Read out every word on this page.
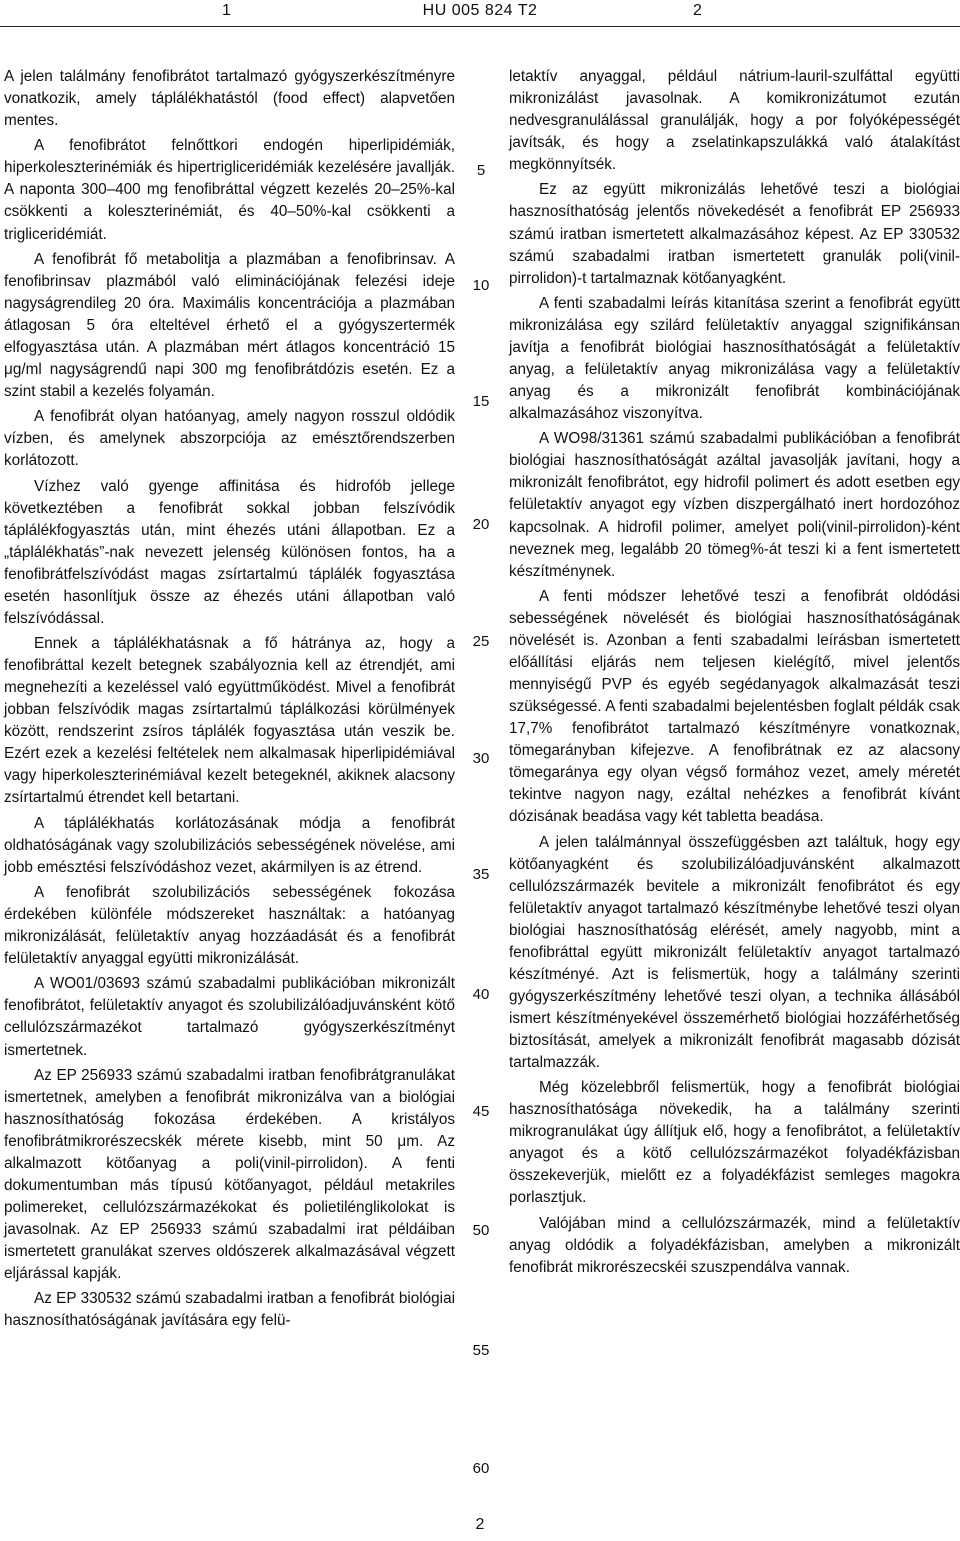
1	HU 005 824 T2	2

A jelen találmány fenofibrátot tartalmazó gyógyszerkészítményre vonatkozik, amely táplálékhatástól (food effect) alapvetően mentes.

A fenofibrátot felnőttkori endogén hiperlipidémiák, hiperkoleszterinémiák és hipertrigliceridémiák kezelésére javallják. A naponta 300–400 mg fenofibráttal végzett kezelés 20–25%-kal csökkenti a koleszterinémiát, és 40–50%-kal csökkenti a trigliceridémiát.

A fenofibrát fő metabolitja a plazmában a fenofibrinsav. A fenofibrinsav plazmából való eliminációjának felezési ideje nagyságrendileg 20 óra. Maximális koncentrációja a plazmában átlagosan 5 óra elteltével érhető el a gyógyszertermék elfogyasztása után. A plazmában mért átlagos koncentráció 15 μg/ml nagyságrendű napi 300 mg fenofibrátdózis esetén. Ez a szint stabil a kezelés folyamán.

A fenofibrát olyan hatóanyag, amely nagyon rosszul oldódik vízben, és amelynek abszorpciója az emésztőrendszerben korlátozott.

Vízhez való gyenge affinitása és hidrofób jellege következtében a fenofibrát sokkal jobban felszívódik táplálékfogyasztás után, mint éhezés utáni állapotban. Ez a „táplálékhatás”-nak nevezett jelenség különösen fontos, ha a fenofibrátfelszívódást magas zsírtartalmú táplálék fogyasztása esetén hasonlítjuk össze az éhezés utáni állapotban való felszívódással.

Ennek a táplálékhatásnak a fő hátránya az, hogy a fenofibráttal kezelt betegnek szabályoznia kell az étrendjét, ami megnehezíti a kezeléssel való együttműködést. Mivel a fenofibrát jobban felszívódik magas zsírtartalmú táplálkozási körülmények között, rendszerint zsíros táplálék fogyasztása után veszik be. Ezért ezek a kezelési feltételek nem alkalmasak hiperlipidémiával vagy hiperkoleszterinémiával kezelt betegeknél, akiknek alacsony zsírtartalmú étrendet kell betartani.

A táplálékhatás korlátozásának módja a fenofibrát oldhatóságának vagy szolubilizációs sebességének növelése, ami jobb emésztési felszívódáshoz vezet, akármilyen is az étrend.

A fenofibrát szolubilizációs sebességének fokozása érdekében különféle módszereket használtak: a hatóanyag mikronizálását, felületaktív anyag hozzáadását és a fenofibrát felületaktív anyaggal együtti mikronizálását.

A WO01/03693 számú szabadalmi publikációban mikronizált fenofibrátot, felületaktív anyagot és szolubilizálóadjuvánsként kötő cellulózszármazékot tartalmazó gyógyszerkészítményt ismertetnek.

Az EP 256933 számú szabadalmi iratban fenofibrátgranulákat ismertetnek, amelyben a fenofibrát mikronizálva van a biológiai hasznosíthatóság fokozása érdekében. A kristályos fenofibrátmikrorészecskék mérete kisebb, mint 50 μm. Az alkalmazott kötőanyag a poli(vinil-pirrolidon). A fenti dokumentumban más típusú kötőanyagot, például metakriles polimereket, cellulózszármazékokat és polietilénglikolokat is javasolnak. Az EP 256933 számú szabadalmi irat példáiban ismertetett granulákat szerves oldószerek alkalmazásával végzett eljárással kapják.

Az EP 330532 számú szabadalmi iratban a fenofibrát biológiai hasznosíthatóságának javítására egy felü-

5
10
15
20
25
30
35
40
45
50
55
60

letaktív anyaggal, például nátrium-lauril-szulfáttal együtti mikronizálást javasolnak. A komikronizátumot ezután nedvesgranulálással granulálják, hogy a por folyóképességét javítsák, és hogy a zselatinkapszulákká való átalakítást megkönnyítsék.

Ez az együtt mikronizálás lehetővé teszi a biológiai hasznosíthatóság jelentős növekedését a fenofibrát EP 256933 számú iratban ismertetett alkalmazásához képest. Az EP 330532 számú szabadalmi iratban ismertetett granulák poli(vinil-pirrolidon)-t tartalmaznak kötőanyagként.

A fenti szabadalmi leírás kitanítása szerint a fenofibrát együtt mikronizálása egy szilárd felületaktív anyaggal szignifikánsan javítja a fenofibrát biológiai hasznosíthatóságát a felületaktív anyag, a felületaktív anyag mikronizálása vagy a felületaktív anyag és a mikronizált fenofibrát kombinációjának alkalmazásához viszonyítva.

A WO98/31361 számú szabadalmi publikációban a fenofibrát biológiai hasznosíthatóságát azáltal javasolják javítani, hogy a mikronizált fenofibrátot, egy hidrofil polimert és adott esetben egy felületaktív anyagot egy vízben diszpergálható inert hordozóhoz kapcsolnak. A hidrofil polimer, amelyet poli(vinil-pirrolidon)-ként neveznek meg, legalább 20 tömeg%-át teszi ki a fent ismertetett készítménynek.

A fenti módszer lehetővé teszi a fenofibrát oldódási sebességének növelését és biológiai hasznosíthatóságának növelését is. Azonban a fenti szabadalmi leírásban ismertetett előállítási eljárás nem teljesen kielégítő, mivel jelentős mennyiségű PVP és egyéb segédanyagok alkalmazását teszi szükségessé. A fenti szabadalmi bejelentésben foglalt példák csak 17,7% fenofibrátot tartalmazó készítményre vonatkoznak, tömegarányban kifejezve. A fenofibrátnak ez az alacsony tömegaránya egy olyan végső formához vezet, amely méretét tekintve nagyon nagy, ezáltal nehézkes a fenofibrát kívánt dózisának beadása vagy két tabletta beadása.

A jelen találmánnyal összefüggésben azt találtuk, hogy egy kötőanyagként és szolubilizálóadjuvánsként alkalmazott cellulózszármazék bevitele a mikronizált fenofibrátot és egy felületaktív anyagot tartalmazó készítménybe lehetővé teszi olyan biológiai hasznosíthatóság elérését, amely nagyobb, mint a fenofibráttal együtt mikronizált felületaktív anyagot tartalmazó készítményé. Azt is felismertük, hogy a találmány szerinti gyógyszerkészítmény lehetővé teszi olyan, a technika állásából ismert készítményekével összemérhető biológiai hozzáférhetőség biztosítását, amelyek a mikronizált fenofibrát magasabb dózisát tartalmazzák.

Még közelebbről felismertük, hogy a fenofibrát biológiai hasznosíthatósága növekedik, ha a találmány szerinti mikrogranulákat úgy állítjuk elő, hogy a fenofibrátot, a felületaktív anyagot és a kötő cellulózszármazékot folyadékfázisban összekeverjük, mielőtt ez a folyadékfázist semleges magokra porlasztjuk.

Valójában mind a cellulózszármazék, mind a felületaktív anyag oldódik a folyadékfázisban, amelyben a mikronizált fenofibrát mikrorészecskéi szuszpendálva vannak.

2
